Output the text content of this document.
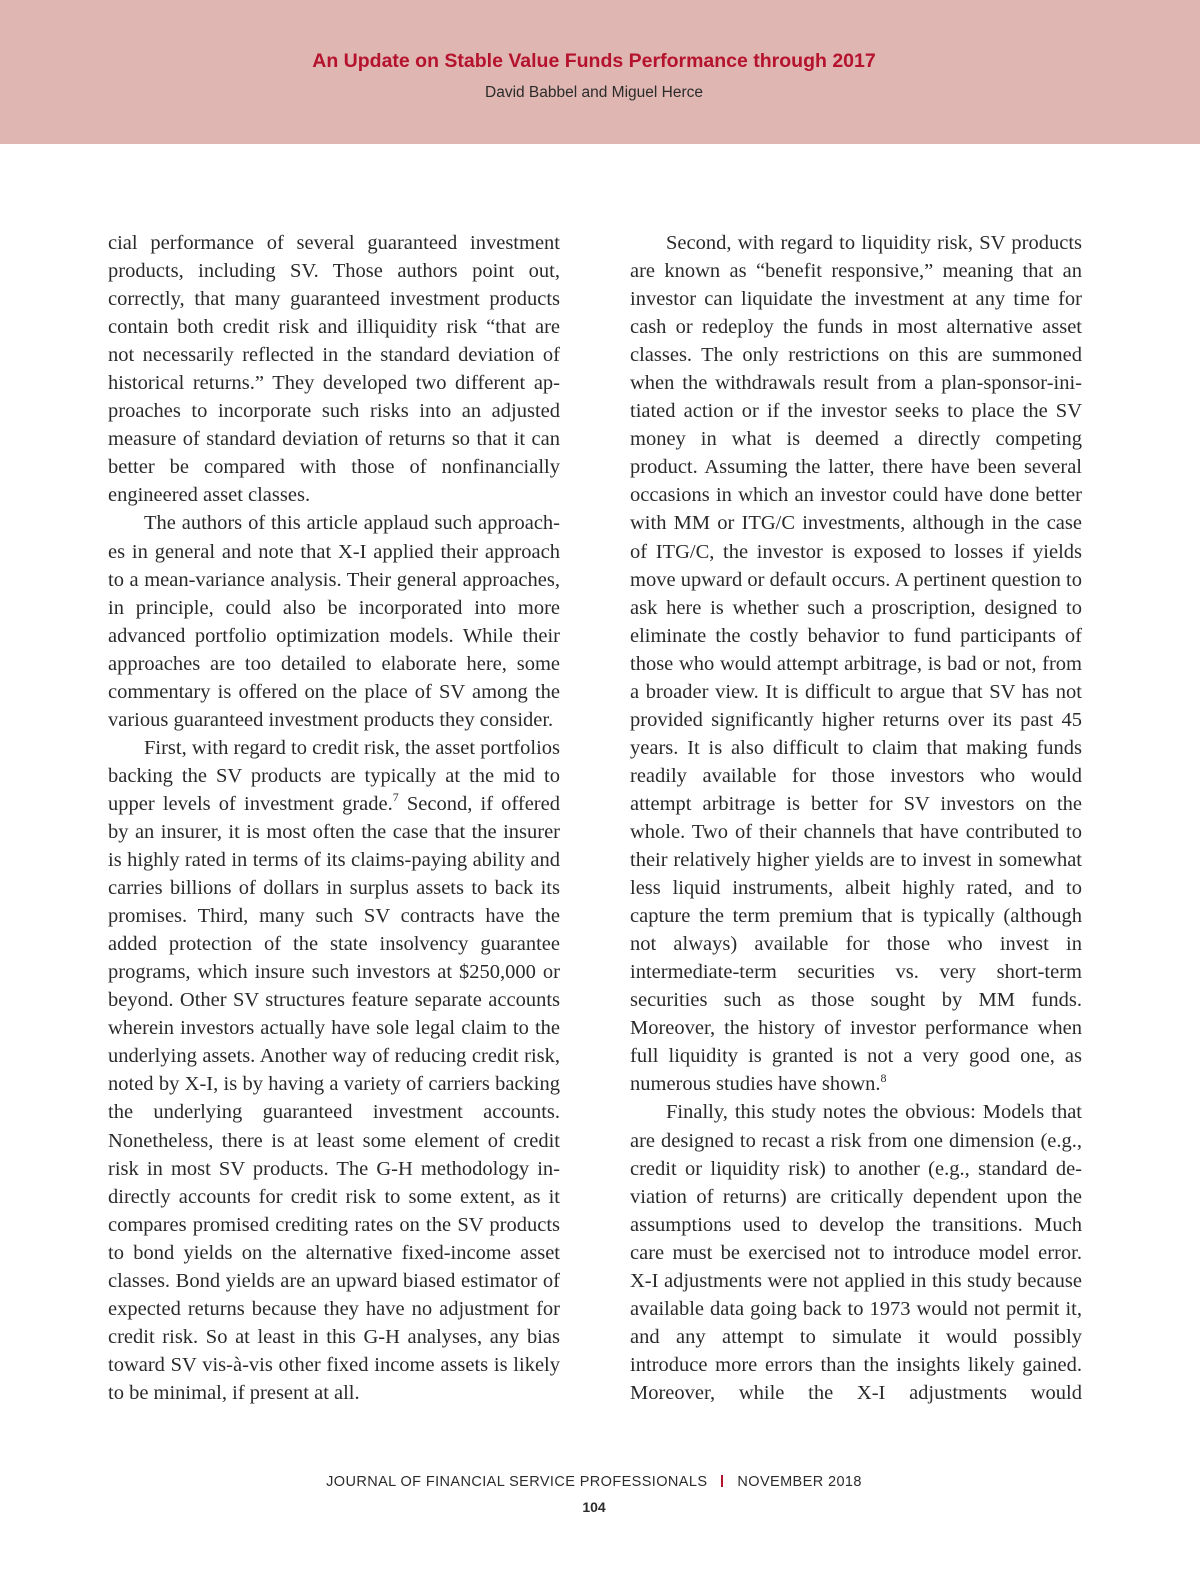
An Update on Stable Value Funds Performance through 2017
David Babbel and Miguel Herce

cial performance of several guaranteed investment products, including SV. Those authors point out, correctly, that many guaranteed investment products contain both credit risk and illiquidity risk “that are not necessarily reflected in the standard deviation of historical returns.” They developed two different approaches to incorporate such risks into an adjusted measure of standard deviation of returns so that it can better be compared with those of nonfinancially engineered asset classes.

The authors of this article applaud such approaches in general and note that X-I applied their approach to a mean-variance analysis. Their general approaches, in principle, could also be incorporated into more advanced portfolio optimization models. While their approaches are too detailed to elaborate here, some commentary is offered on the place of SV among the various guaranteed investment products they consider.

First, with regard to credit risk, the asset portfolios backing the SV products are typically at the mid to upper levels of investment grade.$^7$ Second, if offered by an insurer, it is most often the case that the insurer is highly rated in terms of its claims-paying ability and carries billions of dollars in surplus assets to back its promises. Third, many such SV contracts have the added protection of the state insolvency guarantee programs, which insure such investors at $250,000 or beyond. Other SV structures feature separate accounts wherein investors actually have sole legal claim to the underlying assets. Another way of reducing credit risk, noted by X-I, is by having a variety of carriers backing the underlying guaranteed investment accounts. Nonetheless, there is at least some element of credit risk in most SV products. The G-H methodology indirectly accounts for credit risk to some extent, as it compares promised crediting rates on the SV products to bond yields on the alternative fixed-income asset classes. Bond yields are an upward biased estimator of expected returns because they have no adjustment for credit risk. So at least in this G-H analyses, any bias toward SV vis-à-vis other fixed income assets is likely to be minimal, if present at all.

Second, with regard to liquidity risk, SV products are known as “benefit responsive,” meaning that an investor can liquidate the investment at any time for cash or redeploy the funds in most alternative asset classes. The only restrictions on this are summoned when the withdrawals result from a plan-sponsor-initiated action or if the investor seeks to place the SV money in what is deemed a directly competing product. Assuming the latter, there have been several occasions in which an investor could have done better with MM or ITG/C investments, although in the case of ITG/C, the investor is exposed to losses if yields move upward or default occurs. A pertinent question to ask here is whether such a proscription, designed to eliminate the costly behavior to fund participants of those who would attempt arbitrage, is bad or not, from a broader view. It is difficult to argue that SV has not provided significantly higher returns over its past 45 years. It is also difficult to claim that making funds readily available for those investors who would attempt arbitrage is better for SV investors on the whole. Two of their channels that have contributed to their relatively higher yields are to invest in somewhat less liquid instruments, albeit highly rated, and to capture the term premium that is typically (although not always) available for those who invest in intermediate-term securities vs. very short-term securities such as those sought by MM funds. Moreover, the history of investor performance when full liquidity is granted is not a very good one, as numerous studies have shown.$^8$

Finally, this study notes the obvious: Models that are designed to recast a risk from one dimension (e.g., credit or liquidity risk) to another (e.g., standard deviation of returns) are critically dependent upon the assumptions used to develop the transitions. Much care must be exercised not to introduce model error. X-I adjustments were not applied in this study because available data going back to 1973 would not permit it, and any attempt to simulate it would possibly introduce more errors than the insights likely gained. Moreover, while the X-I adjustments would

JOURNAL OF FINANCIAL SERVICE PROFESSIONALS NOVEMBER 2018
104
